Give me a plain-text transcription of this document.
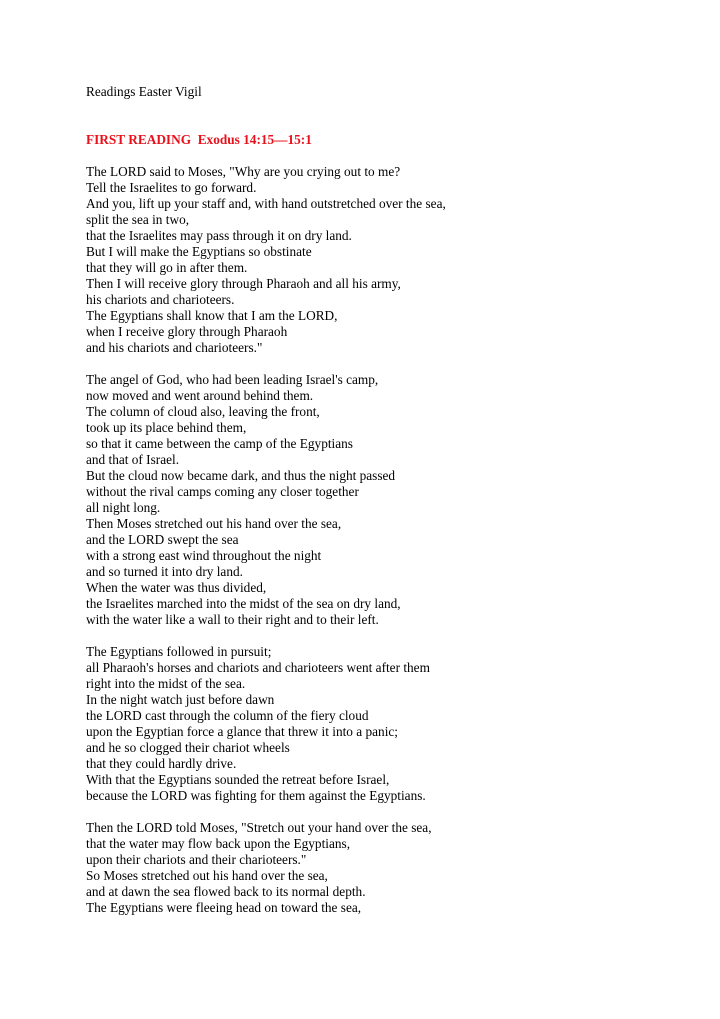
Readings Easter Vigil

FIRST READING  Exodus 14:15—15:1

The LORD said to Moses, "Why are you crying out to me?
Tell the Israelites to go forward.
And you, lift up your staff and, with hand outstretched over the sea,
split the sea in two,
that the Israelites may pass through it on dry land.
But I will make the Egyptians so obstinate
that they will go in after them.
Then I will receive glory through Pharaoh and all his army,
his chariots and charioteers.
The Egyptians shall know that I am the LORD,
when I receive glory through Pharaoh
and his chariots and charioteers."
The angel of God, who had been leading Israel's camp,
now moved and went around behind them.
The column of cloud also, leaving the front,
took up its place behind them,
so that it came between the camp of the Egyptians
and that of Israel.
But the cloud now became dark, and thus the night passed
without the rival camps coming any closer together
all night long.
Then Moses stretched out his hand over the sea,
and the LORD swept the sea
with a strong east wind throughout the night
and so turned it into dry land.
When the water was thus divided,
the Israelites marched into the midst of the sea on dry land,
with the water like a wall to their right and to their left.
The Egyptians followed in pursuit;
all Pharaoh's horses and chariots and charioteers went after them
right into the midst of the sea.
In the night watch just before dawn
the LORD cast through the column of the fiery cloud
upon the Egyptian force a glance that threw it into a panic;
and he so clogged their chariot wheels
that they could hardly drive.
With that the Egyptians sounded the retreat before Israel,
because the LORD was fighting for them against the Egyptians.
Then the LORD told Moses, "Stretch out your hand over the sea,
that the water may flow back upon the Egyptians,
upon their chariots and their charioteers."
So Moses stretched out his hand over the sea,
and at dawn the sea flowed back to its normal depth.
The Egyptians were fleeing head on toward the sea,
